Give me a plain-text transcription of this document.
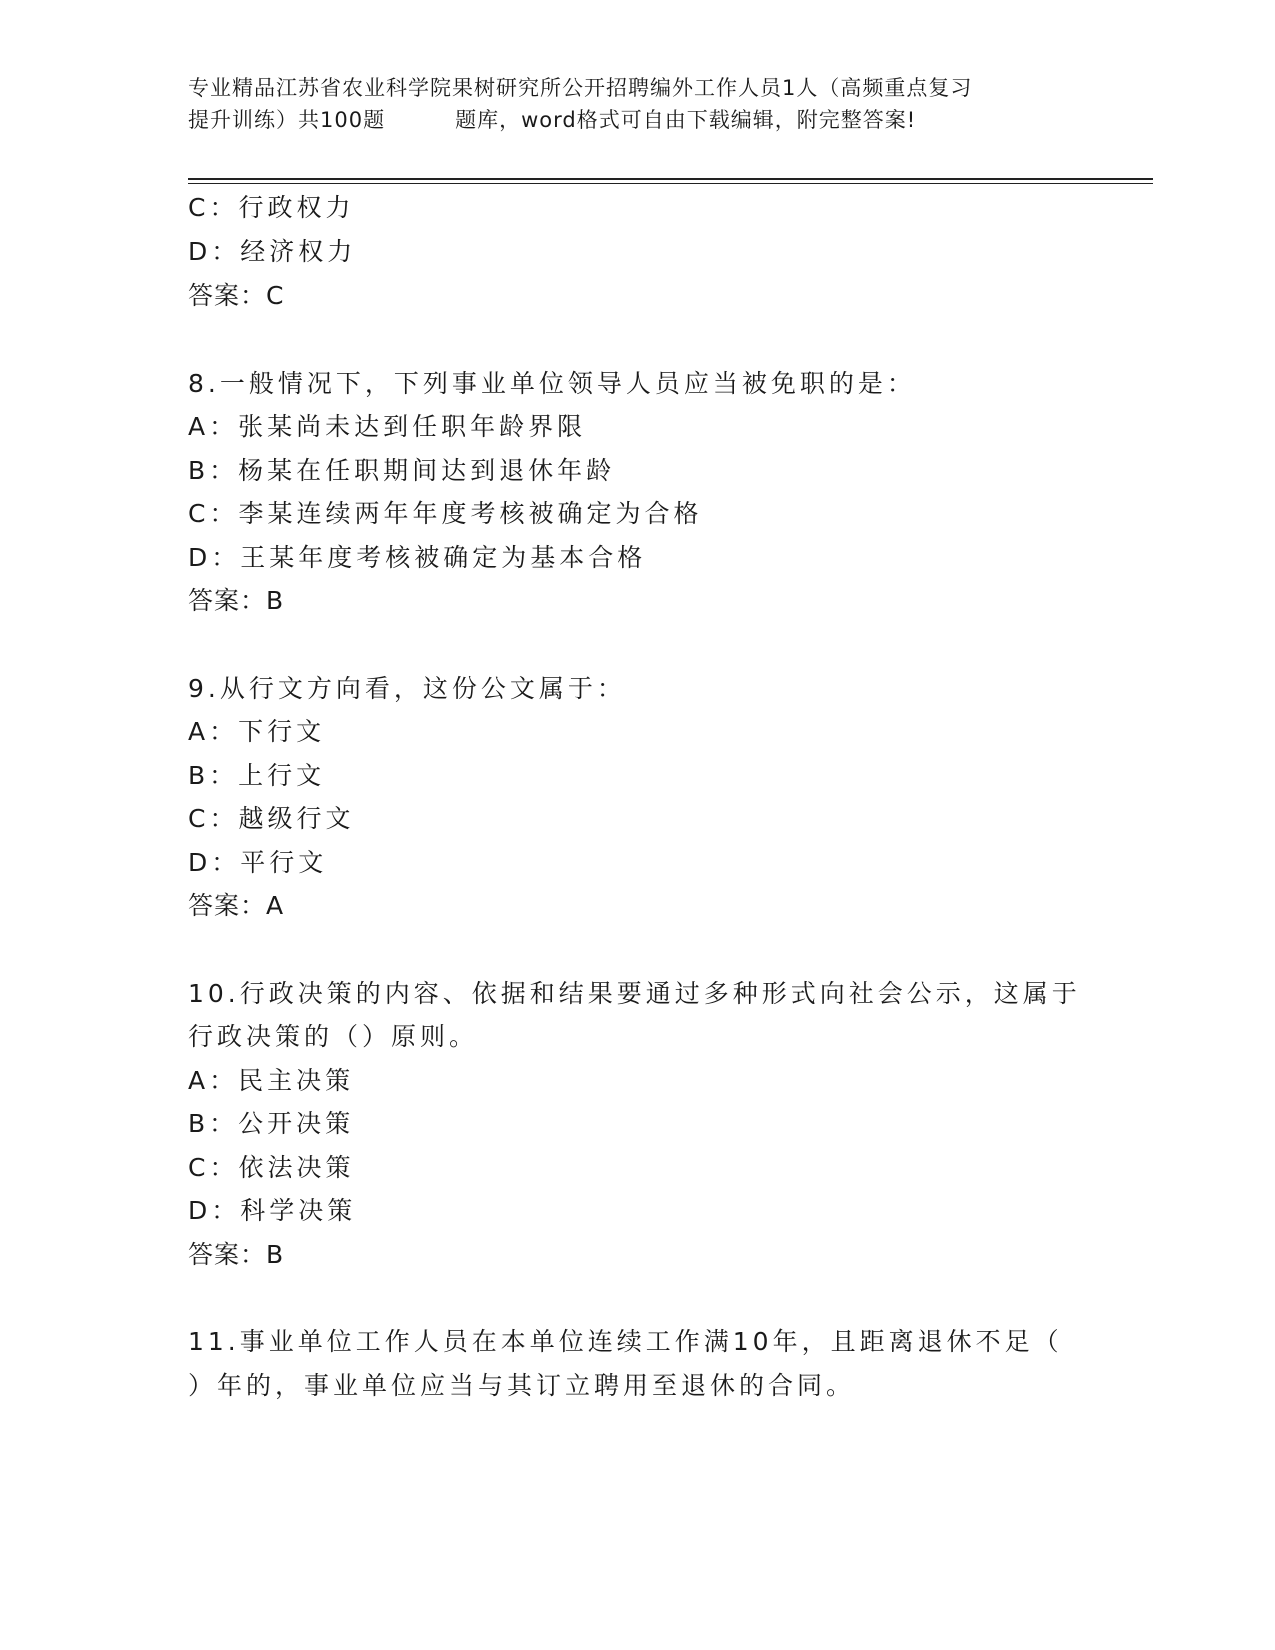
专业精品江苏省农业科学院果树研究所公开招聘编外工作人员1人（高频重点复习
提升训练）共100题	题库，word格式可自由下载编辑，附完整答案!
C：行政权力
D：经济权力
答案：C
8.一般情况下，下列事业单位领导人员应当被免职的是：
A：张某尚未达到任职年龄界限
B：杨某在任职期间达到退休年龄
C：李某连续两年年度考核被确定为合格
D：王某年度考核被确定为基本合格
答案：B
9.从行文方向看，这份公文属于：
A：下行文
B：上行文
C：越级行文
D：平行文
答案：A
10.行政决策的内容、依据和结果要通过多种形式向社会公示，这属于
行政决策的（）原则。
A：民主决策
B：公开决策
C：依法决策
D：科学决策
答案：B
11.事业单位工作人员在本单位连续工作满10年，且距离退休不足（
）年的，事业单位应当与其订立聘用至退休的合同。
